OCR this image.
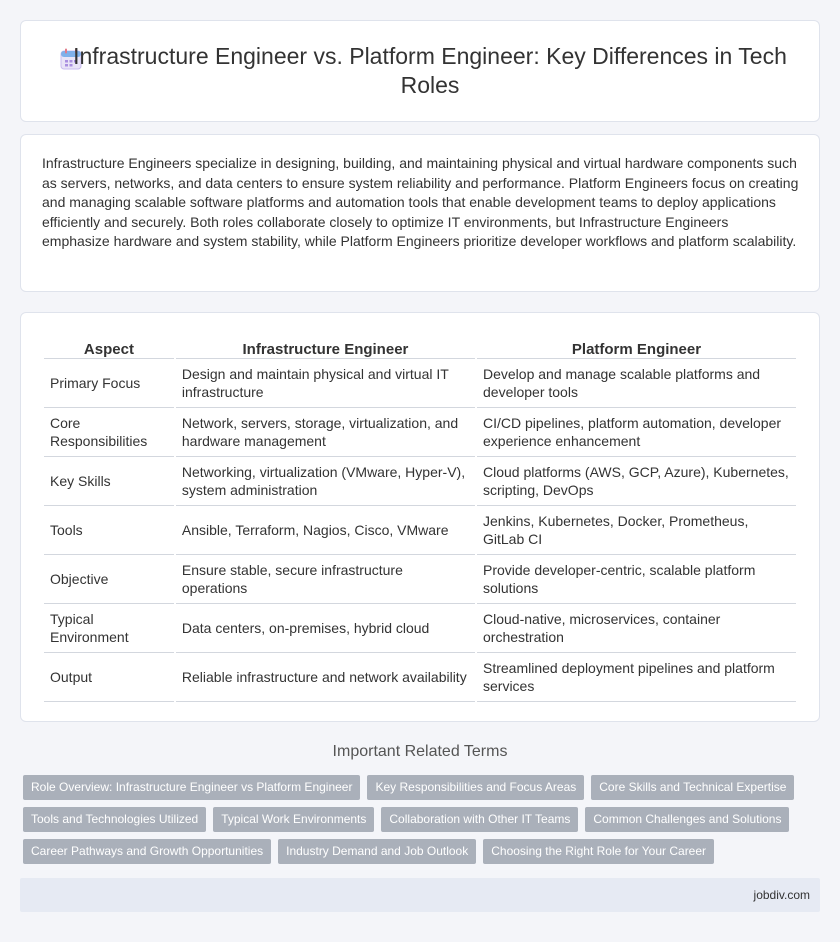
Infrastructure Engineer vs. Platform Engineer: Key Differences in Tech Roles

Infrastructure Engineers specialize in designing, building, and maintaining physical and virtual hardware components such as servers, networks, and data centers to ensure system reliability and performance. Platform Engineers focus on creating and managing scalable software platforms and automation tools that enable development teams to deploy applications efficiently and securely. Both roles collaborate closely to optimize IT environments, but Infrastructure Engineers emphasize hardware and system stability, while Platform Engineers prioritize developer workflows and platform scalability.

Aspect	Infrastructure Engineer	Platform Engineer
Primary Focus	Design and maintain physical and virtual IT infrastructure	Develop and manage scalable platforms and developer tools
Core Responsibilities	Network, servers, storage, virtualization, and hardware management	CI/CD pipelines, platform automation, developer experience enhancement
Key Skills	Networking, virtualization (VMware, Hyper-V), system administration	Cloud platforms (AWS, GCP, Azure), Kubernetes, scripting, DevOps
Tools	Ansible, Terraform, Nagios, Cisco, VMware	Jenkins, Kubernetes, Docker, Prometheus, GitLab CI
Objective	Ensure stable, secure infrastructure operations	Provide developer-centric, scalable platform solutions
Typical Environment	Data centers, on-premises, hybrid cloud	Cloud-native, microservices, container orchestration
Output	Reliable infrastructure and network availability	Streamlined deployment pipelines and platform services
Important Related Terms
Role Overview: Infrastructure Engineer vs Platform Engineer	Key Responsibilities and Focus Areas	Core Skills and Technical Expertise
Tools and Technologies Utilized	Typical Work Environments	Collaboration with Other IT Teams	Common Challenges and Solutions
Career Pathways and Growth Opportunities	Industry Demand and Job Outlook	Choosing the Right Role for Your Career
jobdiv.com
